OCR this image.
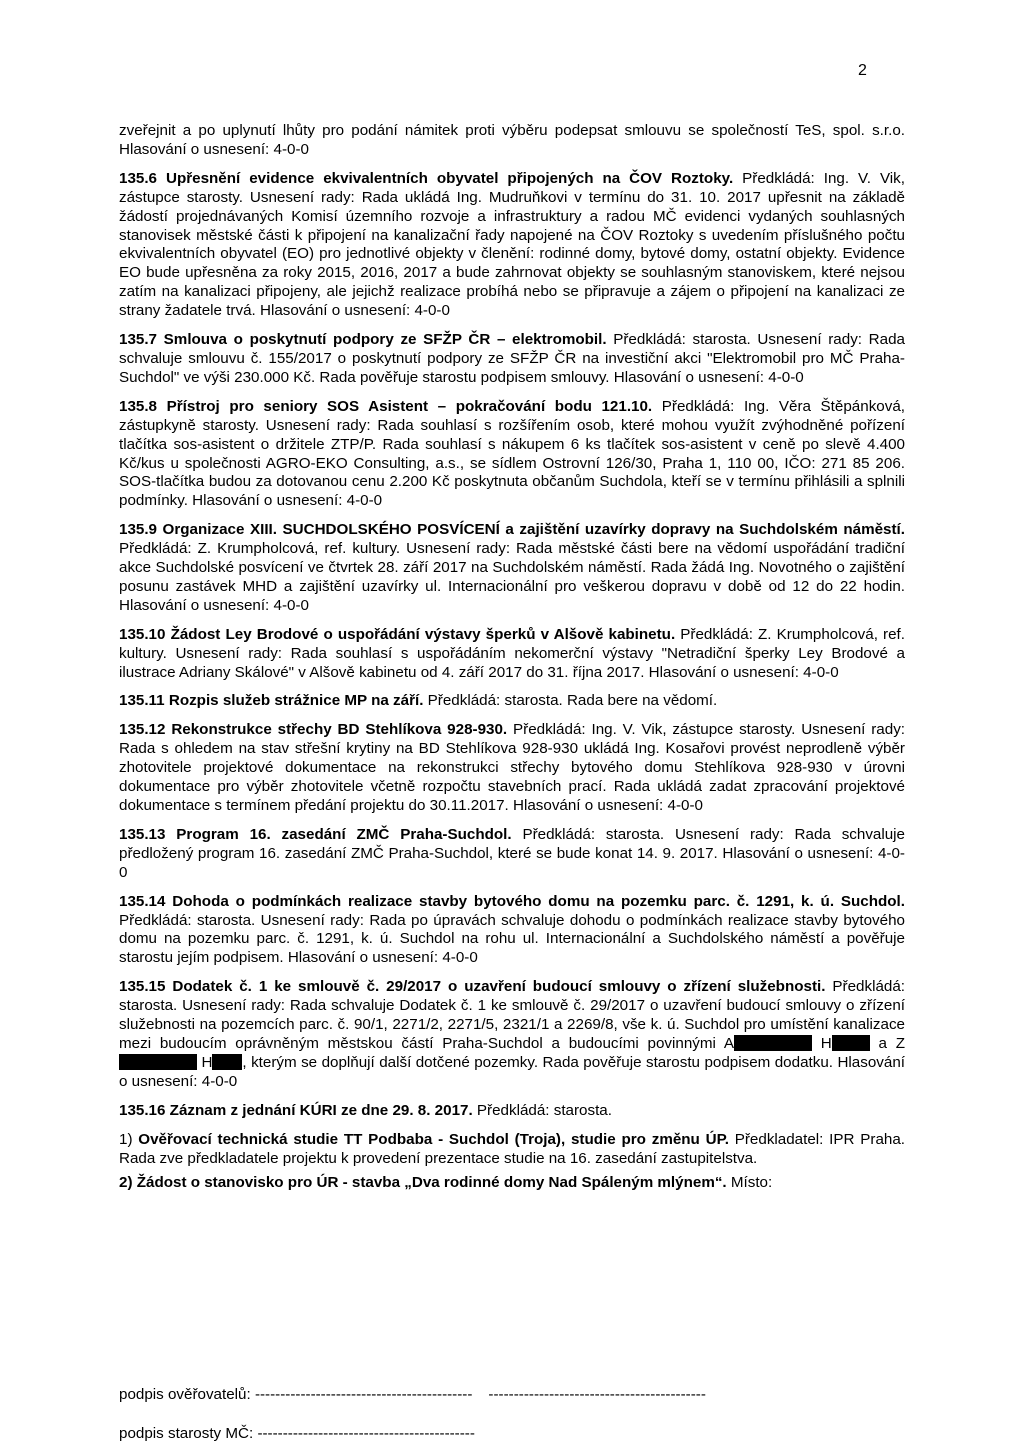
2

zveřejnit a po uplynutí lhůty pro podání námitek proti výběru podepsat smlouvu se společností TeS, spol. s.r.o. Hlasování o usnesení: 4-0-0

135.6 Upřesnění evidence ekvivalentních obyvatel připojených na ČOV Roztoky. Předkládá: Ing. V. Vik, zástupce starosty. Usnesení rady: Rada ukládá Ing. Mudruňkovi v termínu do 31. 10. 2017 upřesnit na základě žádostí projednávaných Komisí územního rozvoje a infrastruktury a radou MČ evidenci vydaných souhlasných stanovisek městské části k připojení na kanalizační řady napojené na ČOV Roztoky s uvedením příslušného počtu ekvivalentních obyvatel (EO) pro jednotlivé objekty v členění: rodinné domy, bytové domy, ostatní objekty. Evidence EO bude upřesněna za roky 2015, 2016, 2017 a bude zahrnovat objekty se souhlasným stanoviskem, které nejsou zatím na kanalizaci připojeny, ale jejichž realizace probíhá nebo se připravuje a zájem o připojení na kanalizaci ze strany žadatele trvá. Hlasování o usnesení: 4-0-0

135.7 Smlouva o poskytnutí podpory ze SFŽP ČR – elektromobil. Předkládá: starosta. Usnesení rady: Rada schvaluje smlouvu č. 155/2017 o poskytnutí podpory ze SFŽP ČR na investiční akci "Elektromobil pro MČ Praha-Suchdol" ve výši 230.000 Kč. Rada pověřuje starostu podpisem smlouvy. Hlasování o usnesení: 4-0-0

135.8 Přístroj pro seniory SOS Asistent – pokračování bodu 121.10. Předkládá: Ing. Věra Štěpánková, zástupkyně starosty. Usnesení rady: Rada souhlasí s rozšířením osob, které mohou využít zvýhodněné pořízení tlačítka sos-asistent o držitele ZTP/P. Rada souhlasí s nákupem 6 ks tlačítek sos-asistent v ceně po slevě 4.400 Kč/kus u společnosti AGRO-EKO Consulting, a.s., se sídlem Ostrovní 126/30, Praha 1, 110 00, IČO: 271 85 206. SOS-tlačítka budou za dotovanou cenu 2.200 Kč poskytnuta občanům Suchdola, kteří se v termínu přihlásili a splnili podmínky. Hlasování o usnesení: 4-0-0

135.9 Organizace XIII. SUCHDOLSKÉHO POSVÍCENÍ a zajištění uzavírky dopravy na Suchdolském náměstí. Předkládá: Z. Krumpholcová, ref. kultury. Usnesení rady: Rada městské části bere na vědomí uspořádání tradiční akce Suchdolské posvícení ve čtvrtek 28. září 2017 na Suchdolském náměstí. Rada žádá Ing. Novotného o zajištění posunu zastávek MHD a zajištění uzavírky ul. Internacionální pro veškerou dopravu v době od 12 do 22 hodin. Hlasování o usnesení: 4-0-0

135.10 Žádost Ley Brodové o uspořádání výstavy šperků v Alšově kabinetu. Předkládá: Z. Krumpholcová, ref. kultury. Usnesení rady: Rada souhlasí s uspořádáním nekomerční výstavy "Netradiční šperky Ley Brodové a ilustrace Adriany Skálové" v Alšově kabinetu od 4. září 2017 do 31. října 2017. Hlasování o usnesení: 4-0-0

135.11 Rozpis služeb strážnice MP na září. Předkládá: starosta. Rada bere na vědomí.

135.12 Rekonstrukce střechy BD Stehlíkova 928-930. Předkládá: Ing. V. Vik, zástupce starosty. Usnesení rady: Rada s ohledem na stav střešní krytiny na BD Stehlíkova 928-930 ukládá Ing. Kosařovi provést neprodleně výběr zhotovitele projektové dokumentace na rekonstrukci střechy bytového domu Stehlíkova 928-930 v úrovni dokumentace pro výběr zhotovitele včetně rozpočtu stavebních prací. Rada ukládá zadat zpracování projektové dokumentace s termínem předání projektu do 30.11.2017. Hlasování o usnesení: 4-0-0

135.13 Program 16. zasedání ZMČ Praha-Suchdol. Předkládá: starosta. Usnesení rady: Rada schvaluje předložený program 16. zasedání ZMČ Praha-Suchdol, které se bude konat 14. 9. 2017. Hlasování o usnesení: 4-0-0

135.14 Dohoda o podmínkách realizace stavby bytového domu na pozemku parc. č. 1291, k. ú. Suchdol. Předkládá: starosta. Usnesení rady: Rada po úpravách schvaluje dohodu o podmínkách realizace stavby bytového domu na pozemku parc. č. 1291, k. ú. Suchdol na rohu ul. Internacionální a Suchdolského náměstí a pověřuje starostu jejím podpisem. Hlasování o usnesení: 4-0-0

135.15 Dodatek č. 1 ke smlouvě č. 29/2017 o uzavření budoucí smlouvy o zřízení služebnosti. Předkládá: starosta. Usnesení rady: Rada schvaluje Dodatek č. 1 ke smlouvě č. 29/2017 o uzavření budoucí smlouvy o zřízení služebnosti na pozemcích parc. č. 90/1, 2271/2, 2271/5, 2321/1 a 2269/8, vše k. ú. Suchdol pro umístění kanalizace mezi budoucím oprávněným městskou částí Praha-Suchdol a budoucími povinnými A	H	a Z H , kterým se doplňují další dotčené pozemky. Rada pověřuje starostu podpisem dodatku. Hlasování o usnesení: 4-0-0

135.16 Záznam z jednání KÚRI ze dne 29. 8. 2017. Předkládá: starosta.

1) Ověřovací technická studie TT Podbaba - Suchdol (Troja), studie pro změnu ÚP. Předkladatel: IPR Praha. Rada zve předkladatele projektu k provedení prezentace studie na 16. zasedání zastupitelstva.

2) Žádost o stanovisko pro ÚR - stavba „Dva rodinné domy Nad Spáleným mlýnem“. Místo:

podpis ověřovatelů: ------------------------------------------- -------------------------------------------
podpis starosty MČ: -------------------------------------------
